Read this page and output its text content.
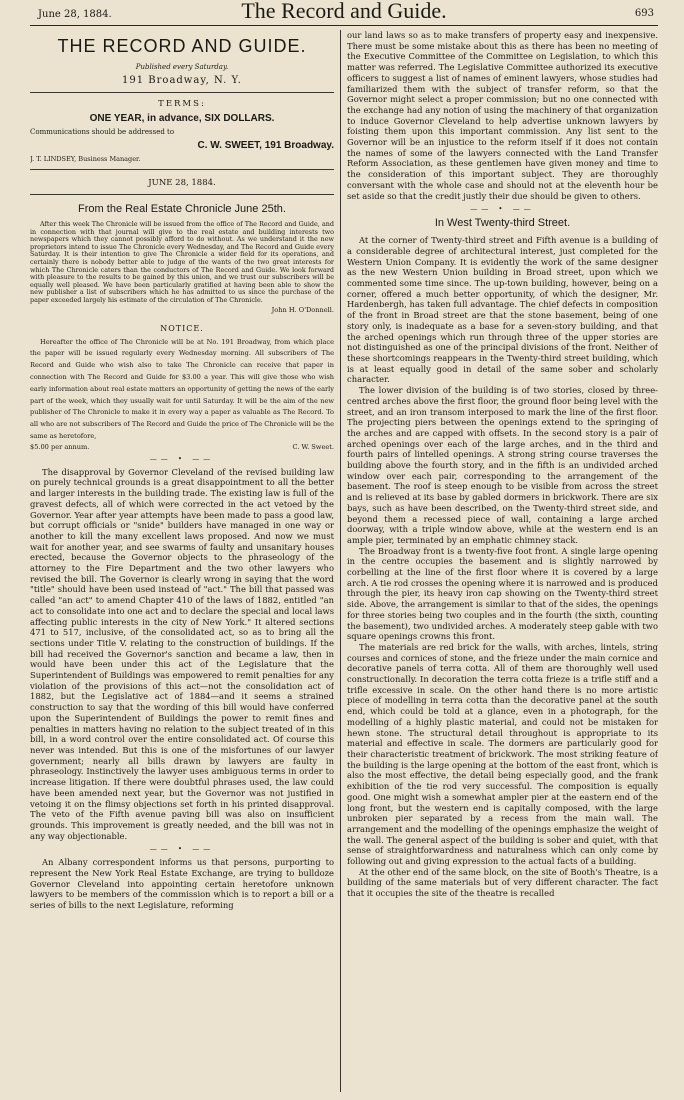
June 28, 1884.	The Record and Guide.	693
THE RECORD AND GUIDE.
Published every Saturday.
191 Broadway, N. Y.
TERMS:
ONE YEAR, in advance, SIX DOLLARS.
Communications should be addressed to
C. W. SWEET, 191 Broadway.
J. T. LINDSEY, Business Manager.
JUNE 28, 1884.
From the Real Estate Chronicle June 25th.

After this week The Chronicle will be issued from the office of The Record and Guide, and in connection with that journal will give to the real estate and building interests two newspapers which they cannot possibly afford to do without. As we understand it the new proprietors intend to issue The Chronicle every Wednesday, and The Record and Guide every Saturday. It is their intention to give The Chronicle a wider field for its operations, and certainly there is nobody better able to judge of the wants of the two great interests for which The Chronicle caters than the conductors of The Record and Guide. We look forward with pleasure to the results to be gained by this union, and we trust our subscribers will be equally well pleased. We have been particularly gratified at having been able to show the new publisher a list of subscribers which he has admitted to us since the purchase of the paper exceeded largely his estimate of the circulation of The Chronicle.

John H. O'Donnell.
NOTICE.

Hereafter the office of The Chronicle will be at No. 191 Broadway, from which place the paper will be issued regularly every Wednesday morning. All subscribers of The Record and Guide who wish also to take The Chronicle can receive that paper in connection with The Record and Guide for $3.00 a year. This will give those who wish early information about real estate matters an opportunity of getting the news of the early part of the week, which they usually wait for until Saturday. It will be the aim of the new publisher of The Chronicle to make it in every way a paper as valuable as The Record. To all who are not subscribers of The Record and Guide the price of The Chronicle will be the same as heretofore,

$5.00 per annum.	C. W. Sweet.
—— • ——

The disapproval by Governor Cleveland of the revised building law on purely technical grounds is a great disappointment to all the better and larger interests in the building trade. The existing law is full of the gravest defects, all of which were corrected in the act vetoed by the Governor. Year after year attempts have been made to pass a good law, but corrupt officials or "snide" builders have managed in one way or another to kill the many excellent laws proposed. And now we must wait for another year, and see swarms of faulty and unsanitary houses erected, because the Governor objects to the phraseology of the attorney to the Fire Department and the two other lawyers who revised the bill. The Governor is clearly wrong in saying that the word "title" should have been used instead of "act." The bill that passed was called "an act" to amend Chapter 410 of the laws of 1882, entitled "an act to consolidate into one act and to declare the special and local laws affecting public interests in the city of New York." It altered sections 471 to 517, inclusive, of the consolidated act, so as to bring all the sections under Title V. relating to the construction of buildings. If the bill had received the Governor's sanction and became a law, then in would have been under this act of the Legislature that the Superintendent of Buildings was empowered to remit penalties for any violation of the provisions of this act—not the consolidation act of 1882, but the Legislative act of 1884—and it seems a strained construction to say that the wording of this bill would have conferred upon the Superintendent of Buildings the power to remit fines and penalties in matters having no relation to the subject treated of in this bill, in a word control over the entire consolidated act. Of course this never was intended. But this is one of the misfortunes of our lawyer government; nearly all bills drawn by lawyers are faulty in phraseology. Instinctively the lawyer uses ambiguous terms in order to increase litigation. If there were doubtful phrases used, the law could have been amended next year, but the Governor was not justified in vetoing it on the flimsy objections set forth in his printed disapproval. The veto of the Fifth avenue paving bill was also on insufficient grounds. This improvement is greatly needed, and the bill was not in any way objectionable.

—— • ——

An Albany correspondent informs us that persons, purporting to represent the New York Real Estate Exchange, are trying to bulldoze Governor Cleveland into appointing certain heretofore unknown lawyers to be members of the commission which is to report a bill or a series of bills to the next Legislature, reforming

our land laws so as to make transfers of property easy and inexpensive. There must be some mistake about this as there has been no meeting of the Executive Committee of the Committee on Legislation, to which this matter was referred. The Legislative Committee authorized its executive officers to suggest a list of names of eminent lawyers, whose studies had familiarized them with the subject of transfer reform, so that the Governor might select a proper commission; but no one connected with the exchange had any notion of using the machinery of that organization to induce Governor Cleveland to help advertise unknown lawyers by foisting them upon this important commission. Any list sent to the Governor will be an injustice to the reform itself if it does not contain the names of some of the lawyers connected with the Land Transfer Reform Association, as these gentlemen have given money and time to the consideration of this important subject. They are thoroughly conversant with the whole case and should not at the eleventh hour be set aside so that the credit justly their due should be given to others.

—— • ——
In West Twenty-third Street.

At the corner of Twenty-third street and Fifth avenue is a building of a considerable degree of architectural interest, just completed for the Western Union Company. It is evidently the work of the same designer as the new Western Union building in Broad street, upon which we commented some time since. The up-town building, however, being on a corner, offered a much better opportunity, of which the designer, Mr. Hardenbergh, has taken full advantage. The chief defects in composition of the front in Broad street are that the stone basement, being of one story only, is inadequate as a base for a seven-story building, and that the arched openings which run through three of the upper stories are not distinguished as one of the principal divisions of the front. Neither of these shortcomings reappears in the Twenty-third street building, which is at least equally good in detail of the same sober and scholarly character.

The lower division of the building is of two stories, closed by three-centred arches above the first floor, the ground floor being level with the street, and an iron transom interposed to mark the line of the first floor. The projecting piers between the openings extend to the springing of the arches and are capped with offsets. In the second story is a pair of arched openings over each of the large arches, and in the third and fourth pairs of lintelled openings. A strong string course traverses the building above the fourth story, and in the fifth is an undivided arched window over each pair, corresponding to the arrangement of the basement. The roof is steep enough to be visible from across the street and is relieved at its base by gabled dormers in brickwork. There are six bays, such as have been described, on the Twenty-third street side, and beyond them a recessed piece of wall, containing a large arched doorway, with a triple window above, while at the western end is an ample pier, terminated by an emphatic chimney stack.

The Broadway front is a twenty-five foot front. A single large opening in the centre occupies the basement and is slightly narrowed by corbelling at the line of the first floor where it is covered by a large arch. A tie rod crosses the opening where it is narrowed and is produced through the pier, its heavy iron cap showing on the Twenty-third street side. Above, the arrangement is similar to that of the sides, the openings for three stories being two couples and in the fourth (the sixth, counting the basement), two undivided arches. A moderately steep gable with two square openings crowns this front.

The materials are red brick for the walls, with arches, lintels, string courses and cornices of stone, and the frieze under the main cornice and decorative panels of terra cotta. All of them are thoroughly well used constructionally. In decoration the terra cotta frieze is a trifle stiff and a trifle excessive in scale. On the other hand there is no more artistic piece of modelling in terra cotta than the decorative panel at the south end, which could be told at a glance, even in a photograph, for the modelling of a highly plastic material, and could not be mistaken for hewn stone. The structural detail throughout is appropriate to its material and effective in scale. The dormers are particularly good for their characteristic treatment of brickwork. The most striking feature of the building is the large opening at the bottom of the east front, which is also the most effective, the detail being especially good, and the frank exhibition of the tie rod very successful. The composition is equally good. One might wish a somewhat ampler pier at the eastern end of the long front, but the western end is capitally composed, with the large unbroken pier separated by a recess from the main wall. The arrangement and the modelling of the openings emphasize the weight of the wall. The general aspect of the building is sober and quiet, with that sense of straightforwardness and naturalness which can only come by following out and giving expression to the actual facts of a building.

At the other end of the same block, on the site of Booth's Theatre, is a building of the same materials but of very different character. The fact that it occupies the site of the theatre is recalled
